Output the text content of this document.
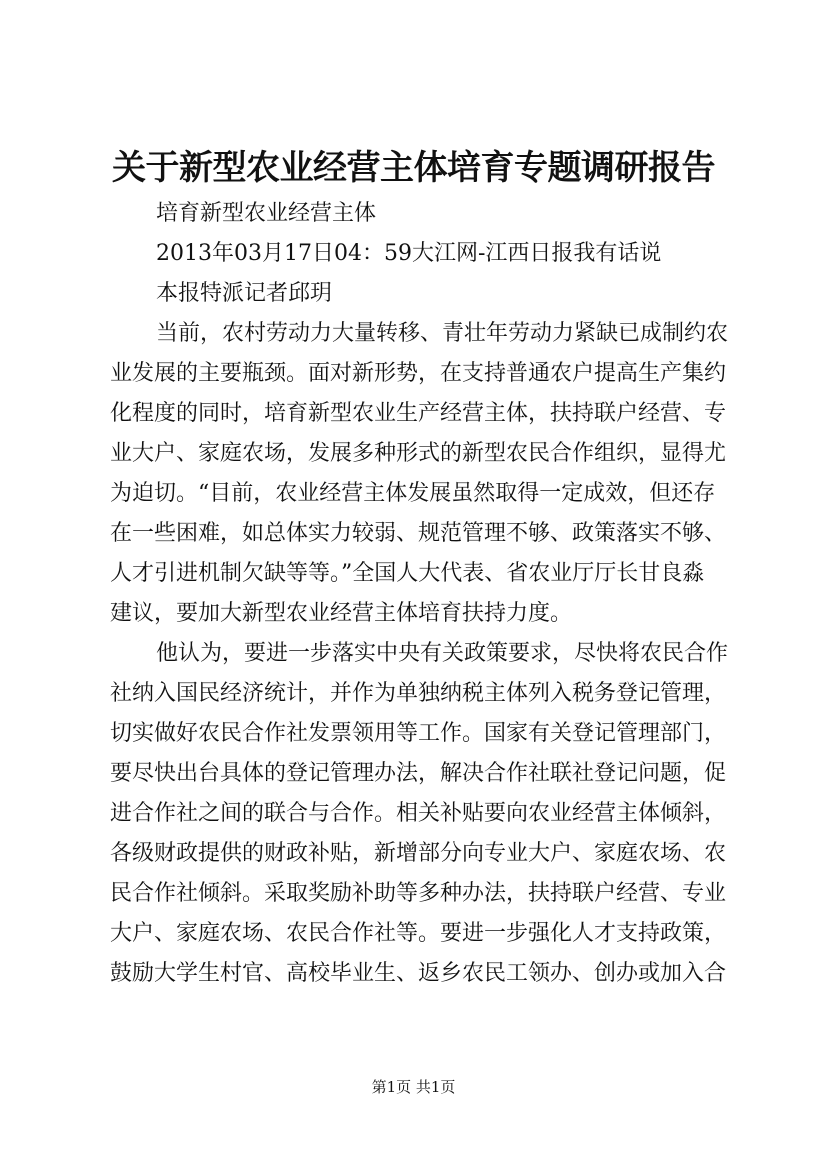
关于新型农业经营主体培育专题调研报告
培育新型农业经营主体
2013年03月17日04：59大江网-江西日报我有话说
本报特派记者邱玥
当前，农村劳动力大量转移、青壮年劳动力紧缺已成制约农
业发展的主要瓶颈。面对新形势，在支持普通农户提高生产集约
化程度的同时，培育新型农业生产经营主体，扶持联户经营、专
业大户、家庭农场，发展多种形式的新型农民合作组织，显得尤
为迫切。“目前，农业经营主体发展虽然取得一定成效，但还存
在一些困难，如总体实力较弱、规范管理不够、政策落实不够、
人才引进机制欠缺等等。”全国人大代表、省农业厅厅长甘良淼
建议，要加大新型农业经营主体培育扶持力度。
他认为，要进一步落实中央有关政策要求，尽快将农民合作
社纳入国民经济统计，并作为单独纳税主体列入税务登记管理，
切实做好农民合作社发票领用等工作。国家有关登记管理部门，
要尽快出台具体的登记管理办法，解决合作社联社登记问题，促
进合作社之间的联合与合作。相关补贴要向农业经营主体倾斜，
各级财政提供的财政补贴，新增部分向专业大户、家庭农场、农
民合作社倾斜。采取奖励补助等多种办法，扶持联户经营、专业
大户、家庭农场、农民合作社等。要进一步强化人才支持政策，
鼓励大学生村官、高校毕业生、返乡农民工领办、创办或加入合
第1页 共1页
